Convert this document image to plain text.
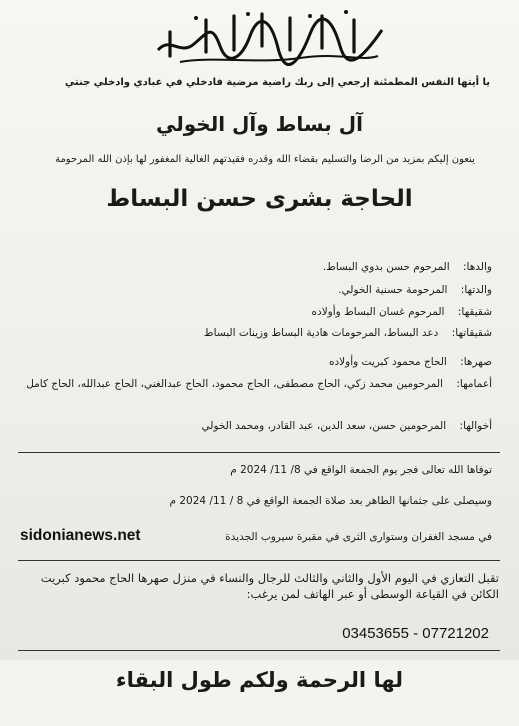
يا أيتها النفس المطمئنة إرجعي إلى ربك راضية مرضية فادخلي في عبادي وادخلي جنتي
آل بساط وآل الخولي
ينعون إليكم بمزيد من الرضا والتسليم بقضاء الله وقدره فقيدتهم الغالية المغفور لها بإذن الله المرحومة
الحاجة بشرى حسن البساط
والدها: المرحوم حسن بدوي البساط.
والدتها: المرحومة حسنية الخولي.
شقيقها: المرحوم غسان البساط وأولاده
شقيقاتها: دعد البساط، المرحومات هادية البساط وزينات البساط
صهرها: الحاج محمود كبريت وأولاده
أعمامها: المرحومين محمد زكي، الحاج مصطفى، الحاج محمود، الحاج عبدالغني، الحاج عبدالله، الحاج كامل
أخوالها: المرحومين حسن، سعد الدين، عبد القادر، ومحمد الخولي
توفاها الله تعالى فجر يوم الجمعة الواقع في 8/ 11/ 2024 م
وسيصلى على جثمانها الطاهر بعد صلاة الجمعة الواقع في 8 / 11/ 2024 م
في مسجد الغفران وستوارى الثرى في مقبرة سيروب الجديدة
sidonianews.net
تقبل التعازي في اليوم الأول والثاني والثالث للرجال والنساء في منزل صهرها الحاج محمود كبريت الكائن في القياعة الوسطى أو عبر الهاتف لمن يرغب:
03453655 - 07721202
لها الرحمة ولكم طول البقاء
